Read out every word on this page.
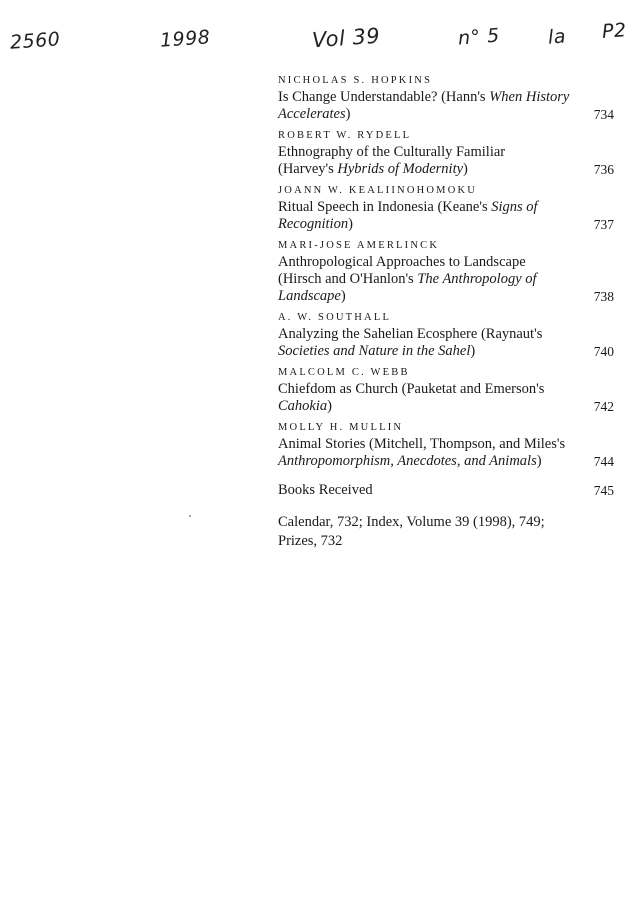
2560	1998	Vol 39	n° 5 la P2
NICHOLAS S. HOPKINS
Is Change Understandable? (Hann's When History Accelerates)	734
ROBERT W. RYDELL
Ethnography of the Culturally Familiar
(Harvey's Hybrids of Modernity)	736
JOANN W. KEALIINOHOMOKU
Ritual Speech in Indonesia (Keane's Signs of Recognition)	737
MARI-JOSE AMERLINCK
Anthropological Approaches to Landscape
(Hirsch and O'Hanlon's The Anthropology of Landscape)	738
A. W. SOUTHALL
Analyzing the Sahelian Ecosphere (Raynaut's Societies and Nature in the Sahel)	740
MALCOLM C. WEBB
Chiefdom as Church (Pauketat and Emerson's Cahokia)	742
MOLLY H. MULLIN
Animal Stories (Mitchell, Thompson, and Miles's Anthropomorphism, Anecdotes, and Animals)	744
Books Received	745
Calendar, 732; Index, Volume 39 (1998), 749; Prizes, 732
